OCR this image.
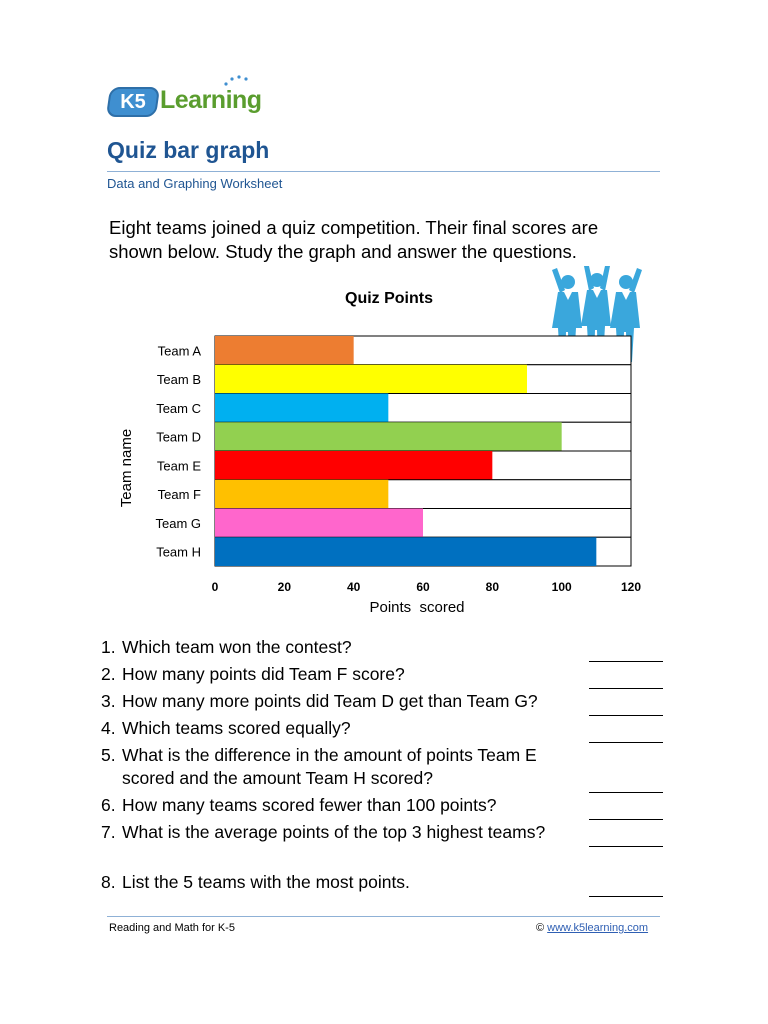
K5 Learning
Quiz bar graph
Data and Graphing Worksheet
Eight teams joined a quiz competition. Their final scores are shown below. Study the graph and answer the questions.
Quiz Points
Team name
Points  scored
Team A
Team B
Team C
Team D
Team E
Team F
Team G
Team H
0	20	40	60	80	100	120
1. Which team won the contest?
2. How many points did Team F score?
3. How many more points did Team D get than Team G?
4. Which teams scored equally?
5. What is the difference in the amount of points Team E scored and the amount Team H scored?
6. How many teams scored fewer than 100 points?
7. What is the average points of the top 3 highest teams?
8. List the 5 teams with the most points.
Reading and Math for K-5	© www.k5learning.com
